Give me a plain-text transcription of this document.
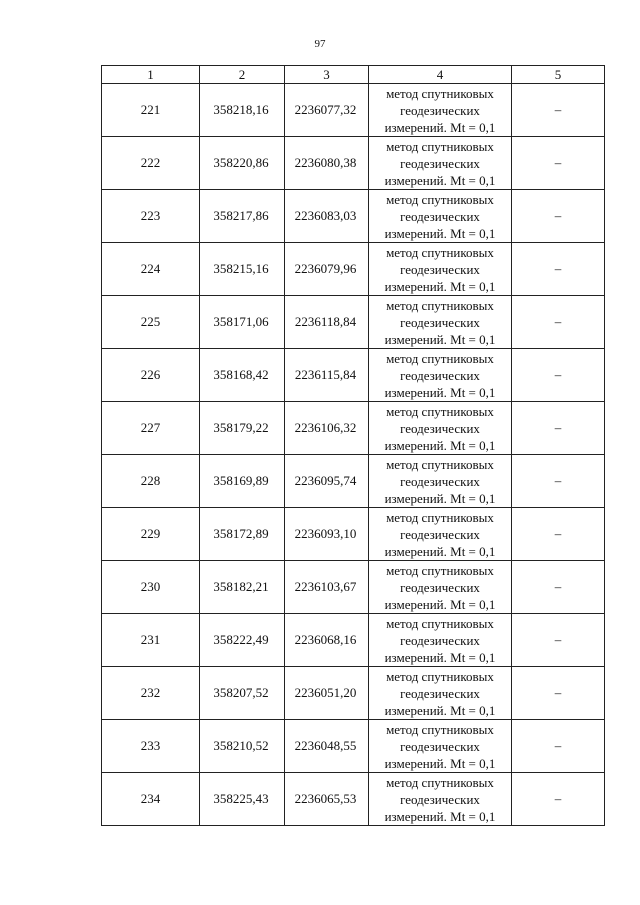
97
1	2	3	4	5
221	358218,16	2236077,32	метод спутниковых геодезических измерений. Mt = 0,1	–
222	358220,86	2236080,38	метод спутниковых геодезических измерений. Mt = 0,1	–
223	358217,86	2236083,03	метод спутниковых геодезических измерений. Mt = 0,1	–
224	358215,16	2236079,96	метод спутниковых геодезических измерений. Mt = 0,1	–
225	358171,06	2236118,84	метод спутниковых геодезических измерений. Mt = 0,1	–
226	358168,42	2236115,84	метод спутниковых геодезических измерений. Mt = 0,1	–
227	358179,22	2236106,32	метод спутниковых геодезических измерений. Mt = 0,1	–
228	358169,89	2236095,74	метод спутниковых геодезических измерений. Mt = 0,1	–
229	358172,89	2236093,10	метод спутниковых геодезических измерений. Mt = 0,1	–
230	358182,21	2236103,67	метод спутниковых геодезических измерений. Mt = 0,1	–
231	358222,49	2236068,16	метод спутниковых геодезических измерений. Mt = 0,1	–
232	358207,52	2236051,20	метод спутниковых геодезических измерений. Mt = 0,1	–
233	358210,52	2236048,55	метод спутниковых геодезических измерений. Mt = 0,1	–
234	358225,43	2236065,53	метод спутниковых геодезических измерений. Mt = 0,1	–
